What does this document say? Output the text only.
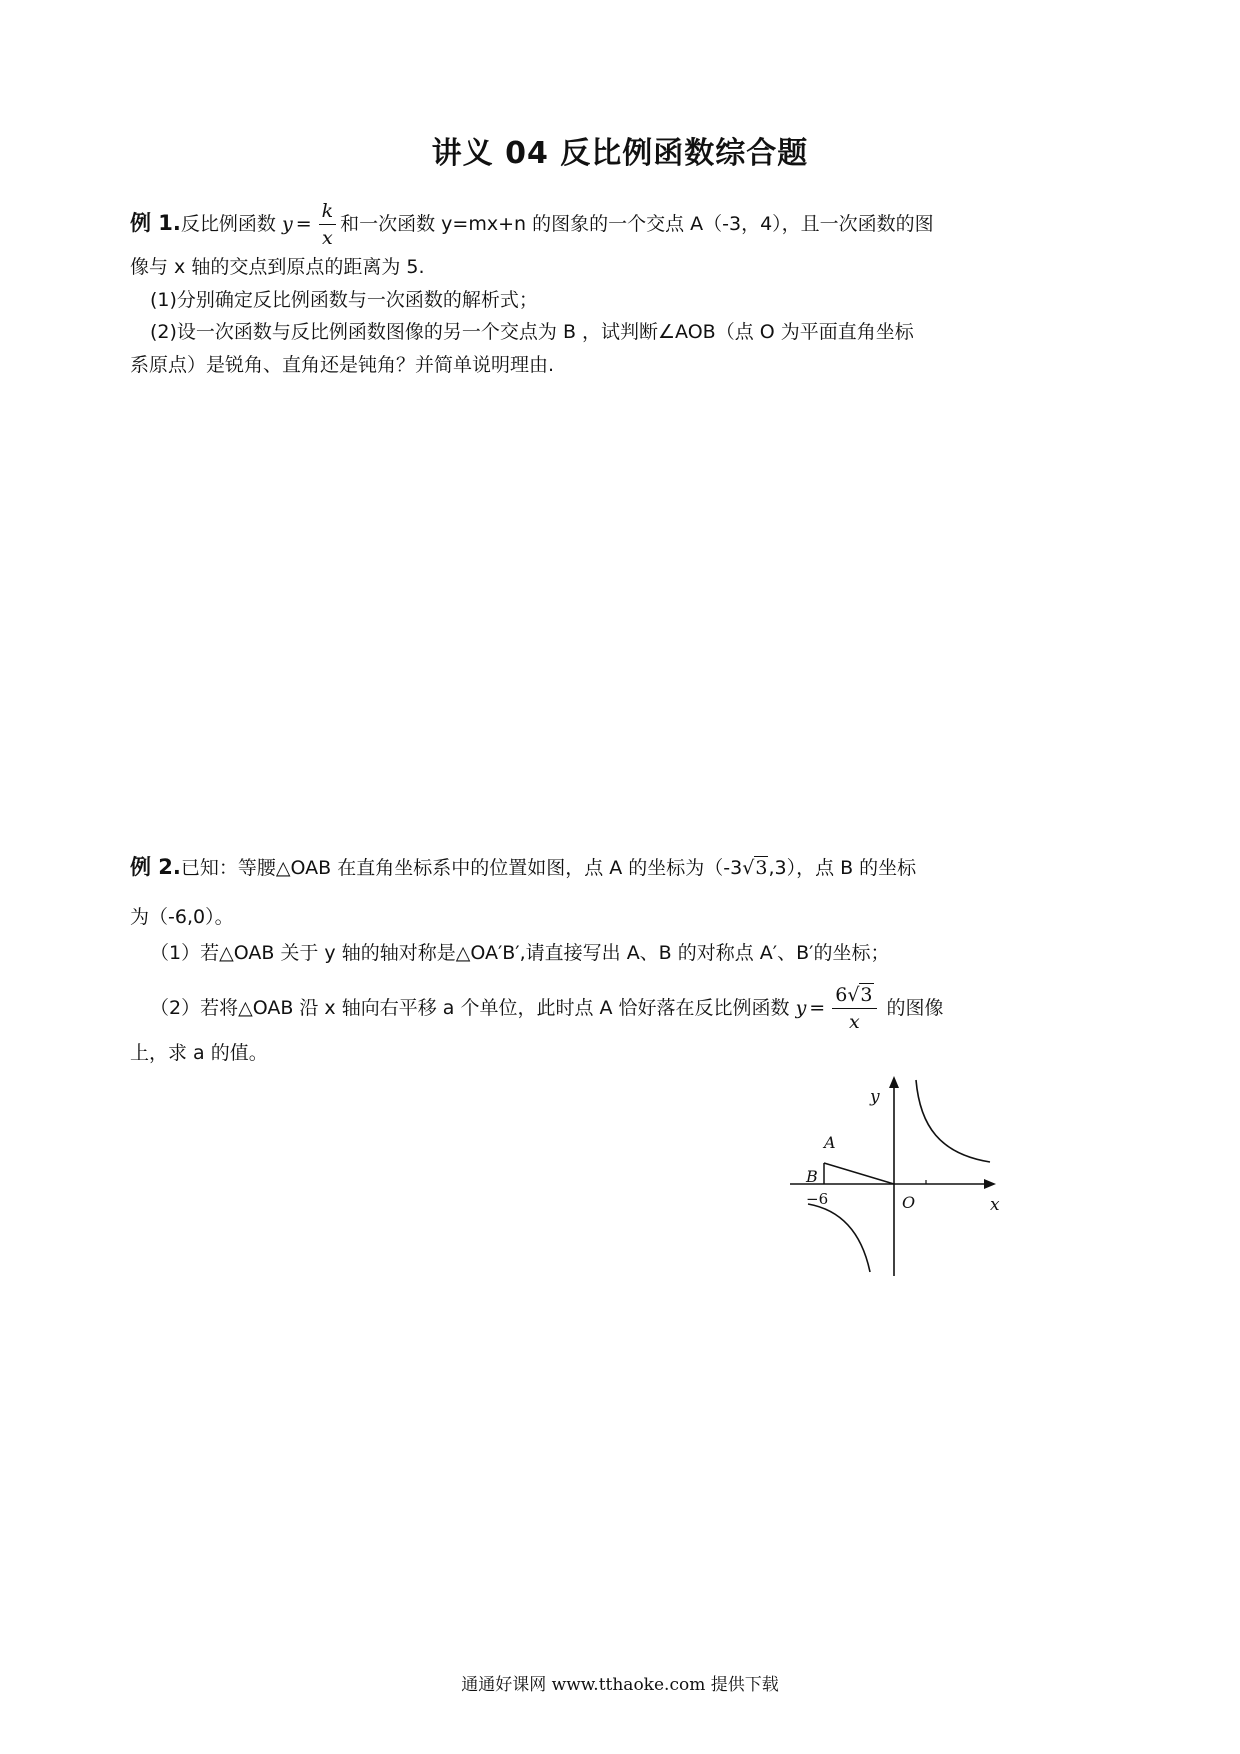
讲义 04 反比例函数综合题
例 1.反比例函数 $y = \frac{k}{x}$ 和一次函数 y=mx+n 的图象的一个交点 A（-3，4），且一次函数的图
像与 x 轴的交点到原点的距离为 5.
(1)分别确定反比例函数与一次函数的解析式；
(2)设一次函数与反比例函数图像的另一个交点为 B ，试判断∠AOB（点 O 为平面直角坐标
系原点）是锐角、直角还是钝角？并简单说明理由.
例 2.已知：等腰△OAB 在直角坐标系中的位置如图，点 A 的坐标为（-3√3,3），点 B 的坐标
为（-6,0）。
（1）若△OAB 关于 y 轴的轴对称是△OA′B′,请直接写出 A、B 的对称点 A′、B′的坐标；
（2）若将△OAB 沿 x 轴向右平移 a 个单位，此时点 A 恰好落在反比例函数 $y = \frac{6√3}{x}$ 的图像
上，求 a 的值。
y
x
A
B
O
−6
通通好课网 www.tthaoke.com 提供下载
